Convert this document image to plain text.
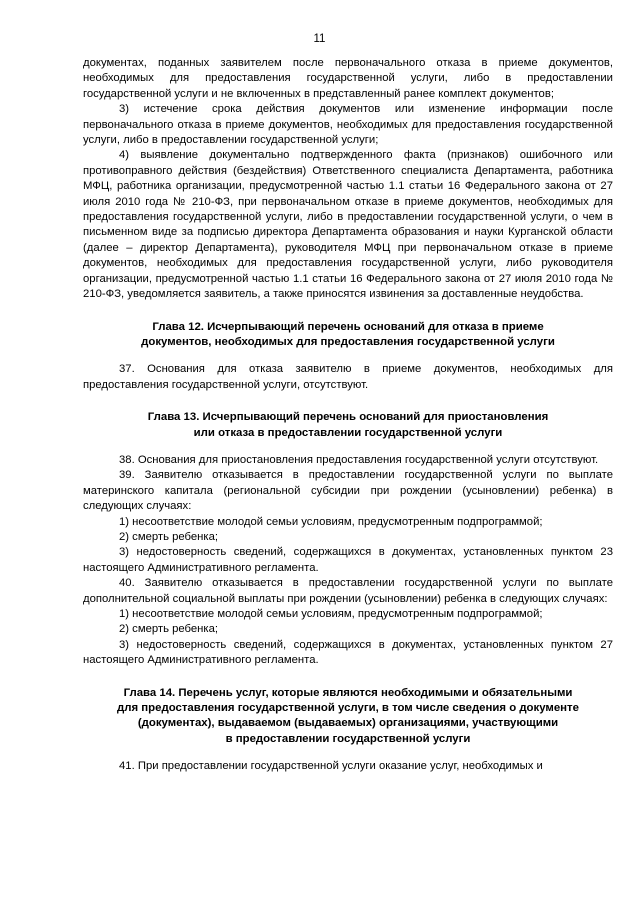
11

документах, поданных заявителем после первоначального отказа в приеме документов, необходимых для предоставления государственной услуги, либо в предоставлении государственной услуги и не включенных в представленный ранее комплект документов;

3) истечение срока действия документов или изменение информации после первоначального отказа в приеме документов, необходимых для предоставления государственной услуги, либо в предоставлении государственной услуги;

4) выявление документально подтвержденного факта (признаков) ошибочного или противоправного действия (бездействия) Ответственного специалиста Департамента, работника МФЦ, работника организации, предусмотренной частью 1.1 статьи 16 Федерального закона от 27 июля 2010 года № 210-ФЗ, при первоначальном отказе в приеме документов, необходимых для предоставления государственной услуги, либо в предоставлении государственной услуги, о чем в письменном виде за подписью директора Департамента образования и науки Курганской области (далее – директор Департамента), руководителя МФЦ при первоначальном отказе в приеме документов, необходимых для предоставления государственной услуги, либо руководителя организации, предусмотренной частью 1.1 статьи 16 Федерального закона от 27 июля 2010 года № 210-ФЗ, уведомляется заявитель, а также приносятся извинения за доставленные неудобства.

Глава 12. Исчерпывающий перечень оснований для отказа в приеме
документов, необходимых для предоставления государственной услуги

37. Основания для отказа заявителю в приеме документов, необходимых для предоставления государственной услуги, отсутствуют.

Глава 13. Исчерпывающий перечень оснований для приостановления
или отказа в предоставлении государственной услуги

38. Основания для приостановления предоставления государственной услуги отсутствуют.

39. Заявителю отказывается в предоставлении государственной услуги по выплате материнского капитала (региональной субсидии при рождении (усыновлении) ребенка) в следующих случаях:

1) несоответствие молодой семьи условиям, предусмотренным подпрограммой;

2) смерть ребенка;

3) недостоверность сведений, содержащихся в документах, установленных пунктом 23 настоящего Административного регламента.

40. Заявителю отказывается в предоставлении государственной услуги по выплате дополнительной социальной выплаты при рождении (усыновлении) ребенка в следующих случаях:

1) несоответствие молодой семьи условиям, предусмотренным подпрограммой;

2) смерть ребенка;

3) недостоверность сведений, содержащихся в документах, установленных пунктом 27 настоящего Административного регламента.

Глава 14. Перечень услуг, которые являются необходимыми и обязательными
для предоставления государственной услуги, в том числе сведения о документе
(документах), выдаваемом (выдаваемых) организациями, участвующими
в предоставлении государственной услуги

41. При предоставлении государственной услуги оказание услуг, необходимых и
